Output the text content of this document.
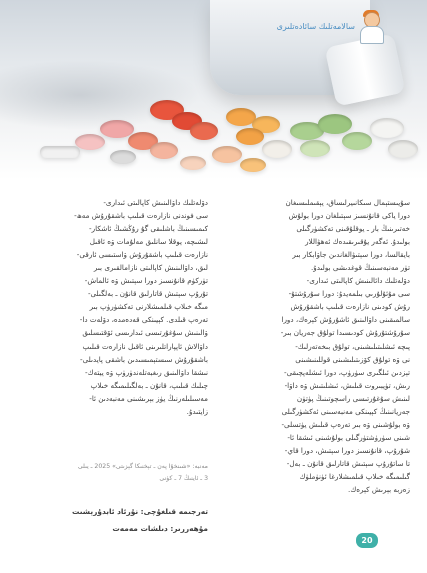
سالامەتلىك سائادەتلىرى
سۇيىستېمال سىكانىيرلىساق، يېقىملىسىغان
دورا ياكى قانۇنسىز سېتىلغان دورا بولۇش
خەتىرىنىڭ بار ـ يوقلۇقىنى تەكشۈرگىلى
بولىدۇ. ئەگەر يۇقىرىقىدەك ئەھۋاللار
بايقالسا، دورا سېتىۋالغاندىن جاۋابكار بىر
تۈر مەنبەسىنىڭ قوغدىشى بولىدۇ.
دۆلەتلىك دائالىنىش كاپالىتى ئىدارى-
سى مۇئۇلۇرىي بىلمەيدۇ: دورا سۇرۇشتۇ-
رۇش كودىنى نازارەت قىلىپ باشقۇرۇش
سالمىقىنى داۋالىنىق ئاشۇرۇش كېرەك، دورا
سۇرۇشتۇرۇش كودىسىدا تولۇق جەريان بىر-
پىچە ئىشلىتىلىشىنى، تولۇق بىخەتەرلىك-
نى ۋە تولۇق كۆزىتىلىشىنى قوللىنىشىنى
تېزدىن ئىلگىرى سۈرۈپ، دورا ئىشلەپچىقى-
رىش، تۈيبىروت قىلىش، ئىشلىتىش ۋە داۋا-
لىنىش سۇغۇرتىسى راسچوتىنىڭ پۈتۈن
جەريانىنىڭ كېيىنكى مەنبەسىنى ئەكشۈرگىلى
ۋە بولۇشىنى ۋە بىر تەرەپ قىلىش يۈتسلى-
شىنى سۈرۈشتۈرگىلى بولۇشىنى ئىشقا ئا-
شۇرۇپ، قانۇنسىز دورا سېتىش، دورا قاي-
تا ساتۇرۇپ سېتىش قاتارلىق قانۇن ـ بەل-
گىلىمىگە خىلاپ قىلمىشلارغا ئۈنۈملۈك
زەربە بېرىش كېرەك.
دۆلەتلىك داۋالىنىش كاپالىتى ئىدارى-
سى فوندنى نازارەت قىلىپ باشقۇرۇش مەھ-
كىمىسىنىڭ باشلىقى گۇ رۇڭشىڭ ئاشكار-
لىشىچە، يوقلا سانلىق مەلۇمات ۋە ئاقىل
نازارەت قىلىپ باشقۇرۇش ۋاستىسى ئارقى-
لىق، داۋالىنىش كاپالىتى نازامالقىرى بىر
تۈركۈم قانۇنسىز دورا سېتىش ۋە ئالماش-
تۇرۇپ سېتىش قاتارلىق قانۇن ـ بەلگىلى-
مىگە خىلاپ قىلمىشلارنى تەكشۈرۈپ بىر
تەرەپ قىلدى. كېيىنكى قەدەمدە، دۆلەت دا-
ۋالىنىش سۇغۇرتىسى ئىدارىسى ئۆقتىسلىق
داۋالاش ئاپپاراتلىرىنى ئاقىل نازارەت قىلىپ
باشقۇرۇش سىستېمىسىدىن باشقى پايدىلى-
نىشقا داۋالىنىق رىغبەتلەندۈرۈپ ۋە ييتەك-
چىلىك قىلىپ، قانۇن ـ بەلگىلىمىگە خىلاپ
مەسىلىلەرنىڭ يۈز بېرىشىنى مەنبەدىن ئا-
زايتىدۇ.
مەنبە: «شىنخۇا پەن ـ تېخنىكا گېزىتى» 2025 ـ يىلى
3 ـ ئاينىڭ 7 ـ كۈنى
تەرجىمە قىلغۇچى: نۇرئاد ئابدۇرېشىت
مۇھەررىر: دىلشات مەمەت
20
